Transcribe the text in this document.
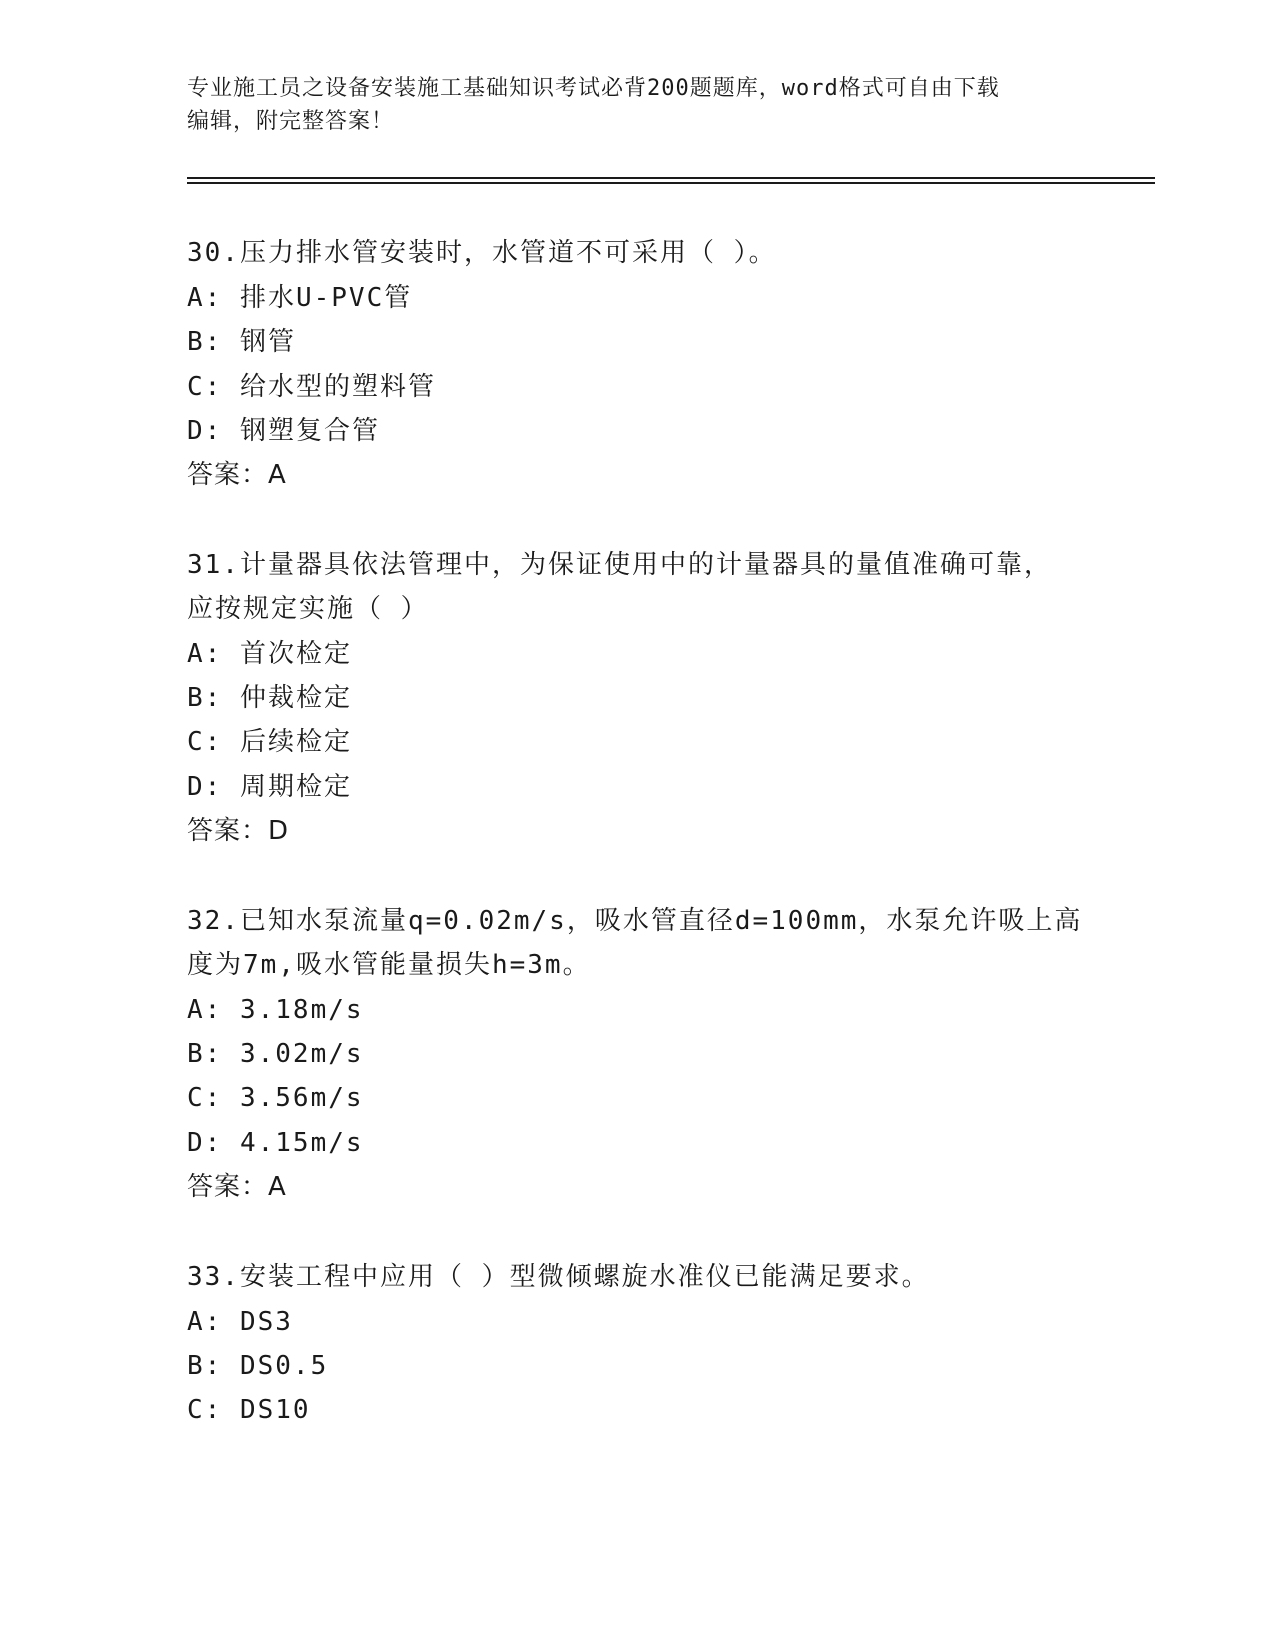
专业施工员之设备安装施工基础知识考试必背200题题库，word格式可自由下载
编辑，附完整答案！
30.压力排水管安装时，水管道不可采用（ ）。
A: 排水U-PVC管
B: 钢管
C: 给水型的塑料管
D: 钢塑复合管
答案：A
31.计量器具依法管理中，为保证使用中的计量器具的量值准确可靠，
应按规定实施（ ）
A: 首次检定
B: 仲裁检定
C: 后续检定
D: 周期检定
答案：D
32.已知水泵流量q=0.02m/s，吸水管直径d=100mm，水泵允许吸上高
度为7m,吸水管能量损失h=3m。
A: 3.18m/s
B: 3.02m/s
C: 3.56m/s
D: 4.15m/s
答案：A
33.安装工程中应用（ ）型微倾螺旋水准仪已能满足要求。
A: DS3
B: DS0.5
C: DS10
